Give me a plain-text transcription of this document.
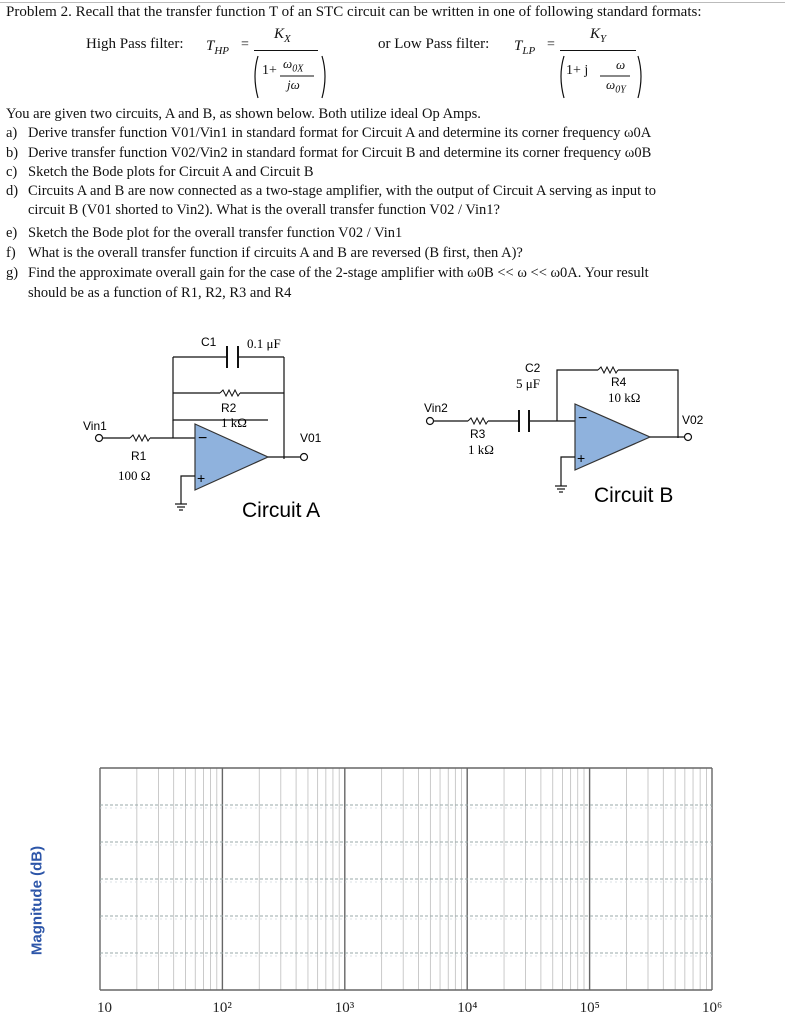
Problem 2. Recall that the transfer function T of an STC circuit can be written in one of following standard formats:
High Pass filter: $T_{HP}$ =
$K_X$
$1+ \omega_{0X}$
jω
or Low Pass filter: $T_{LP}$ =
$K_Y$
1+ j ω
$\omega_{0Y}$
You are given two circuits, A and B, as shown below. Both utilize ideal Op Amps.
a) Derive transfer function V01/Vin1 in standard format for Circuit A and determine its corner frequency ω0A
b) Derive transfer function V02/Vin2 in standard format for Circuit B and determine its corner frequency ω0B
c) Sketch the Bode plots for Circuit A and Circuit B
d) Circuits A and B are now connected as a two-stage amplifier, with the output of Circuit A serving as input to
circuit B (V01 shorted to Vin2). What is the overall transfer function V02 / Vin1?
e) Sketch the Bode plot for the overall transfer function V02 / Vin1
f) What is the overall transfer function if circuits A and B are reversed (B first, then A)?
g) Find the approximate overall gain for the case of the 2-stage amplifier with ω0B << ω << ω0A. Your result
should be as a function of R1, R2, R3 and R4
C1 0.1 μF
R2
1 kΩ
Vin1
R1
100 Ω
V01
−
+
Circuit A
Vin2
R3
1 kΩ
C2
5 μF	R4
10 kΩ
V02
−
+
Circuit B
Magnitude (dB)
10	10²	10³	10⁴	10⁵	10⁶
